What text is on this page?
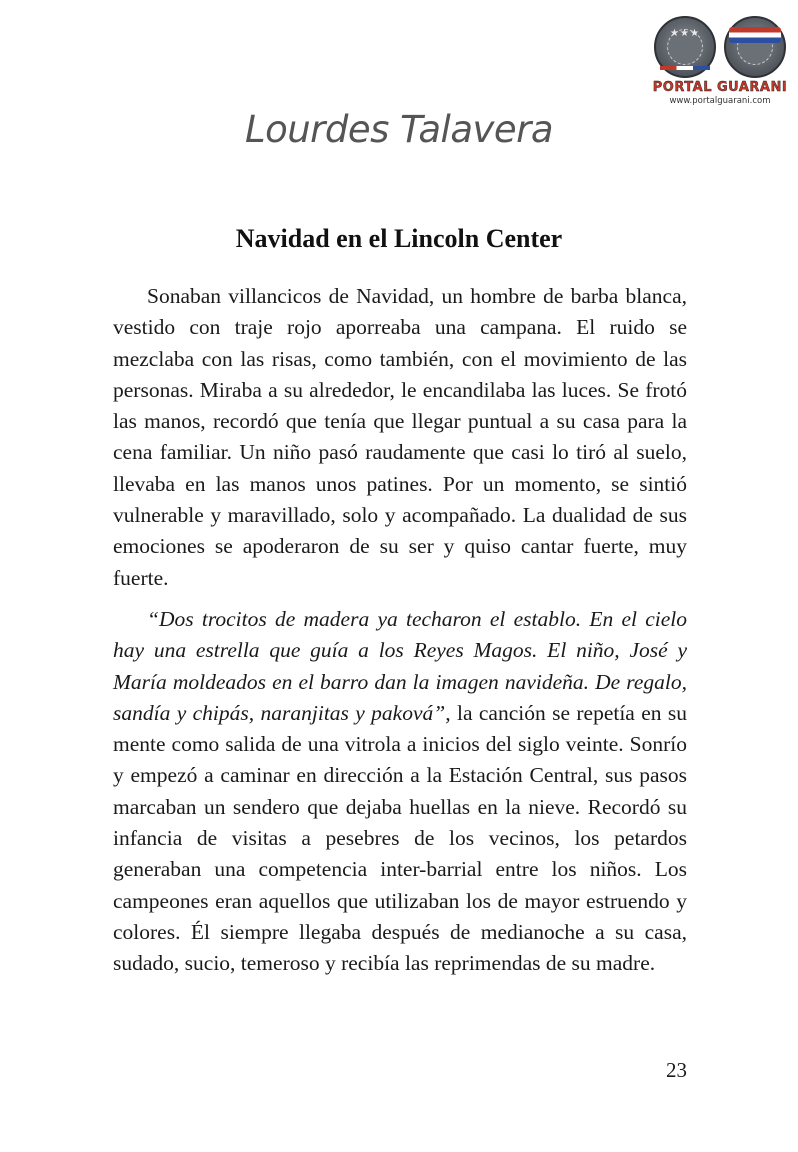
★★★
PORTAL GUARANI
www.portalguarani.com
Lourdes Talavera
Navidad en el Lincoln Center

Sonaban villancicos de Navidad, un hombre de barba blanca, vestido con traje rojo aporreaba una campana. El ruido se mezclaba con las risas, como también, con el movimiento de las personas. Miraba a su alrededor, le encandilaba las luces. Se frotó las manos, recordó que tenía que llegar puntual a su casa para la cena familiar. Un niño pasó raudamente que casi lo tiró al suelo, llevaba en las manos unos patines. Por un momento, se sintió vulnerable y maravillado, solo y acompañado. La dualidad de sus emociones se apoderaron de su ser y quiso cantar fuerte, muy fuerte.

“Dos trocitos de madera ya techaron el establo. En el cielo hay una estrella que guía a los Reyes Magos. El niño, José y María moldeados en el barro dan la imagen navideña. De regalo, sandía y chipás, naranjitas y paková”, la canción se repetía en su mente como salida de una vitrola a inicios del siglo veinte. Sonrío y empezó a caminar en dirección a la Estación Central, sus pasos marcaban un sendero que dejaba huellas en la nieve. Recordó su infancia de visitas a pesebres de los vecinos, los petardos generaban una competencia inter-barrial entre los niños. Los campeones eran aquellos que utilizaban los de mayor estruendo y colores. Él siempre llegaba después de medianoche a su casa, sudado, sucio, temeroso y recibía las reprimendas de su madre.

23
